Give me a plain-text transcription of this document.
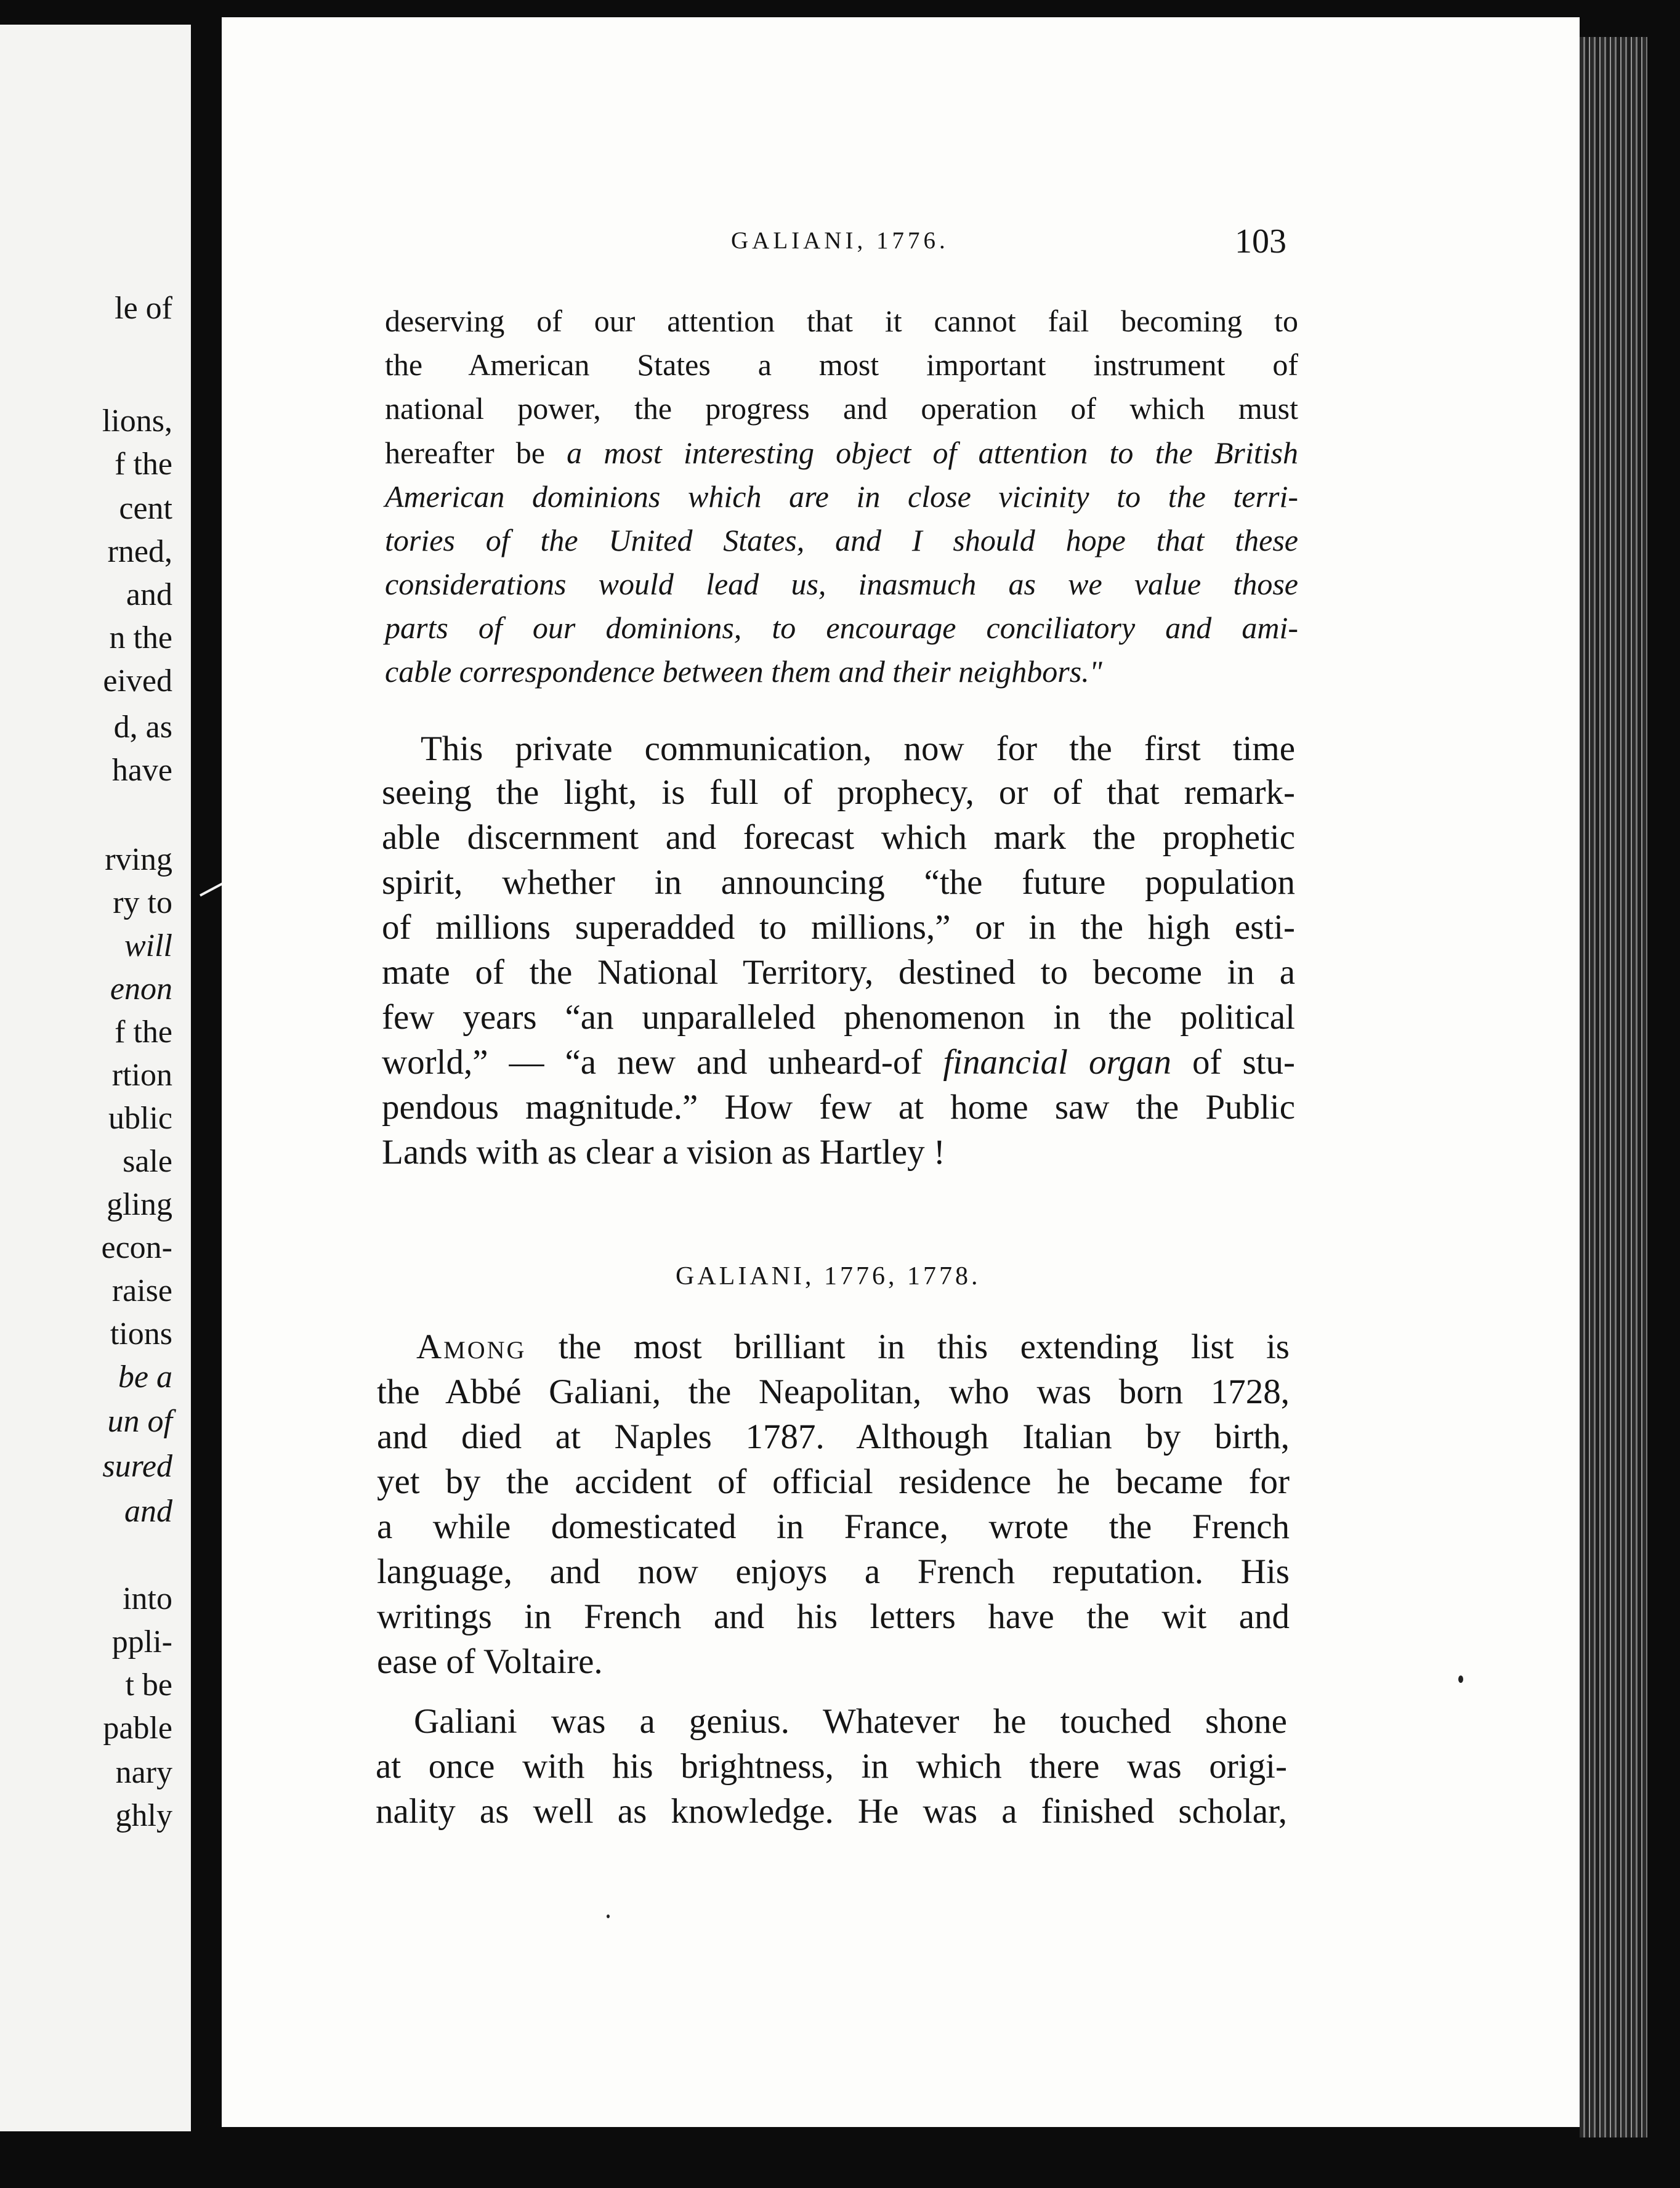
le of
lions,
f the
cent
rned,
and
n the
eived
d, as
have
rving
ry to
will
enon
f the
rtion
ublic
sale
gling
econ-
raise
tions
be a
un of
sured
and
into
ppli-
t be
pable
nary
ghly
GALIANI, 1776.	103
deserving of our attention that it cannot fail becoming to
the American States a most important instrument of
national power, the progress and operation of which must
hereafter be a most interesting object of attention to the British
American dominions which are in close vicinity to the terri-
tories of the United States, and I should hope that these
considerations would lead us, inasmuch as we value those
parts of our dominions, to encourage conciliatory and ami-
cable correspondence between them and their neighbors."
This private communication, now for the first time
seeing the light, is full of prophecy, or of that remark-
able discernment and forecast which mark the prophetic
spirit, whether in announcing “the future population
of millions superadded to millions,” or in the high esti-
mate of the National Territory, destined to become in a
few years “an unparalleled phenomenon in the political
world,” — “a new and unheard-of financial organ of stu-
pendous magnitude.” How few at home saw the Public
Lands with as clear a vision as Hartley !
GALIANI, 1776, 1778.
Among the most brilliant in this extending list is
the Abbé Galiani, the Neapolitan, who was born 1728,
and died at Naples 1787. Although Italian by birth,
yet by the accident of official residence he became for
a while domesticated in France, wrote the French
language, and now enjoys a French reputation. His
writings in French and his letters have the wit and
ease of Voltaire.
Galiani was a genius. Whatever he touched shone
at once with his brightness, in which there was origi-
nality as well as knowledge. He was a finished scholar,
